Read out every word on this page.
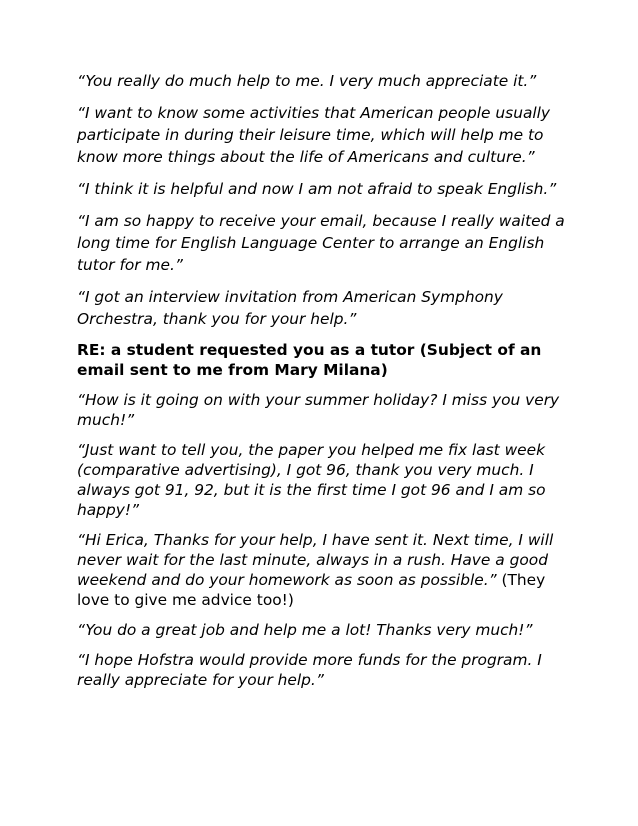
“You really do much help to me. I very much appreciate it.”

“I want to know some activities that American people usually participate in during their leisure time, which will help me to know more things about the life of Americans and culture.”

“I think it is helpful and now I am not afraid to speak English.”

“I am so happy to receive your email, because I really waited a long time for English Language Center to arrange an English tutor for me.”

“I got an interview invitation from American Symphony Orchestra, thank you for your help.”

RE: a student requested you as a tutor (Subject of an email sent to me from Mary Milana)

“How is it going on with your summer holiday? I miss you very much!”

“Just want to tell you, the paper you helped me fix last week (comparative advertising), I got 96, thank you very much. I always got 91, 92, but it is the first time I got 96 and I am so happy!”

“Hi Erica, Thanks for your help, I have sent it. Next time, I will never wait for the last minute, always in a rush. Have a good weekend and do your homework as soon as possible.” (They love to give me advice too!)

“You do a great job and help me a lot! Thanks very much!”

“I hope Hofstra would provide more funds for the program. I really appreciate for your help.”
